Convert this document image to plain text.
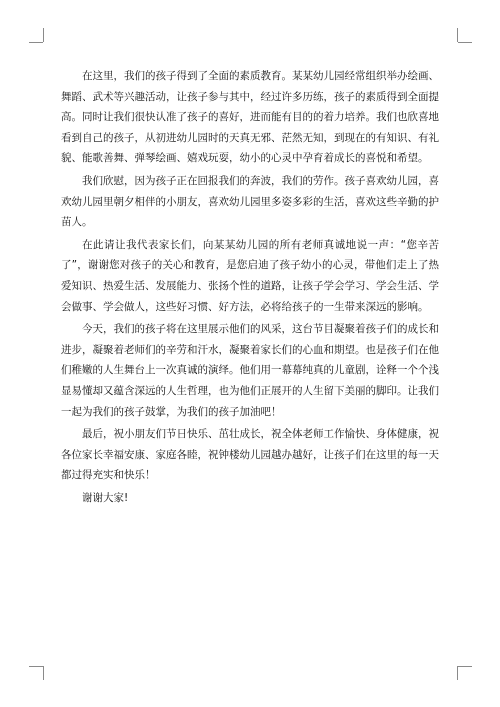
在这里，我们的孩子得到了全面的素质教育。某某幼儿园经常组织举办绘画、舞蹈、武术等兴趣活动，让孩子参与其中，经过许多历练，孩子的素质得到全面提高。同时让我们很快认准了孩子的喜好，进而能有目的的着力培养。我们也欣喜地看到自己的孩子，从初进幼儿园时的天真无邪、茫然无知，到现在的有知识、有礼貌、能歌善舞、弹琴绘画、嬉戏玩耍，幼小的心灵中孕育着成长的喜悦和希望。

我们欣慰，因为孩子正在回报我们的奔波，我们的劳作。孩子喜欢幼儿园，喜欢幼儿园里朝夕相伴的小朋友，喜欢幼儿园里多姿多彩的生活，喜欢这些辛勤的护苗人。

在此请让我代表家长们，向某某幼儿园的所有老师真诚地说一声：“您辛苦了”，谢谢您对孩子的关心和教育，是您启迪了孩子幼小的心灵，带他们走上了热爱知识、热爱生活、发展能力、张扬个性的道路，让孩子学会学习、学会生活、学会做事、学会做人，这些好习惯、好方法，必将给孩子的一生带来深远的影响。

今天，我们的孩子将在这里展示他们的风采，这台节目凝聚着孩子们的成长和进步，凝聚着老师们的辛劳和汗水，凝聚着家长们的心血和期望。也是孩子们在他们稚嫩的人生舞台上一次真诚的演绎。他们用一幕幕纯真的儿童剧，诠释一个个浅显易懂却又蕴含深远的人生哲理，也为他们正展开的人生留下美丽的脚印。让我们一起为我们的孩子鼓掌，为我们的孩子加油吧！

最后，祝小朋友们节日快乐、茁壮成长，祝全体老师工作愉快、身体健康，祝各位家长幸福安康、家庭各睦，祝钟楼幼儿园越办越好，让孩子们在这里的每一天都过得充实和快乐！

谢谢大家!
